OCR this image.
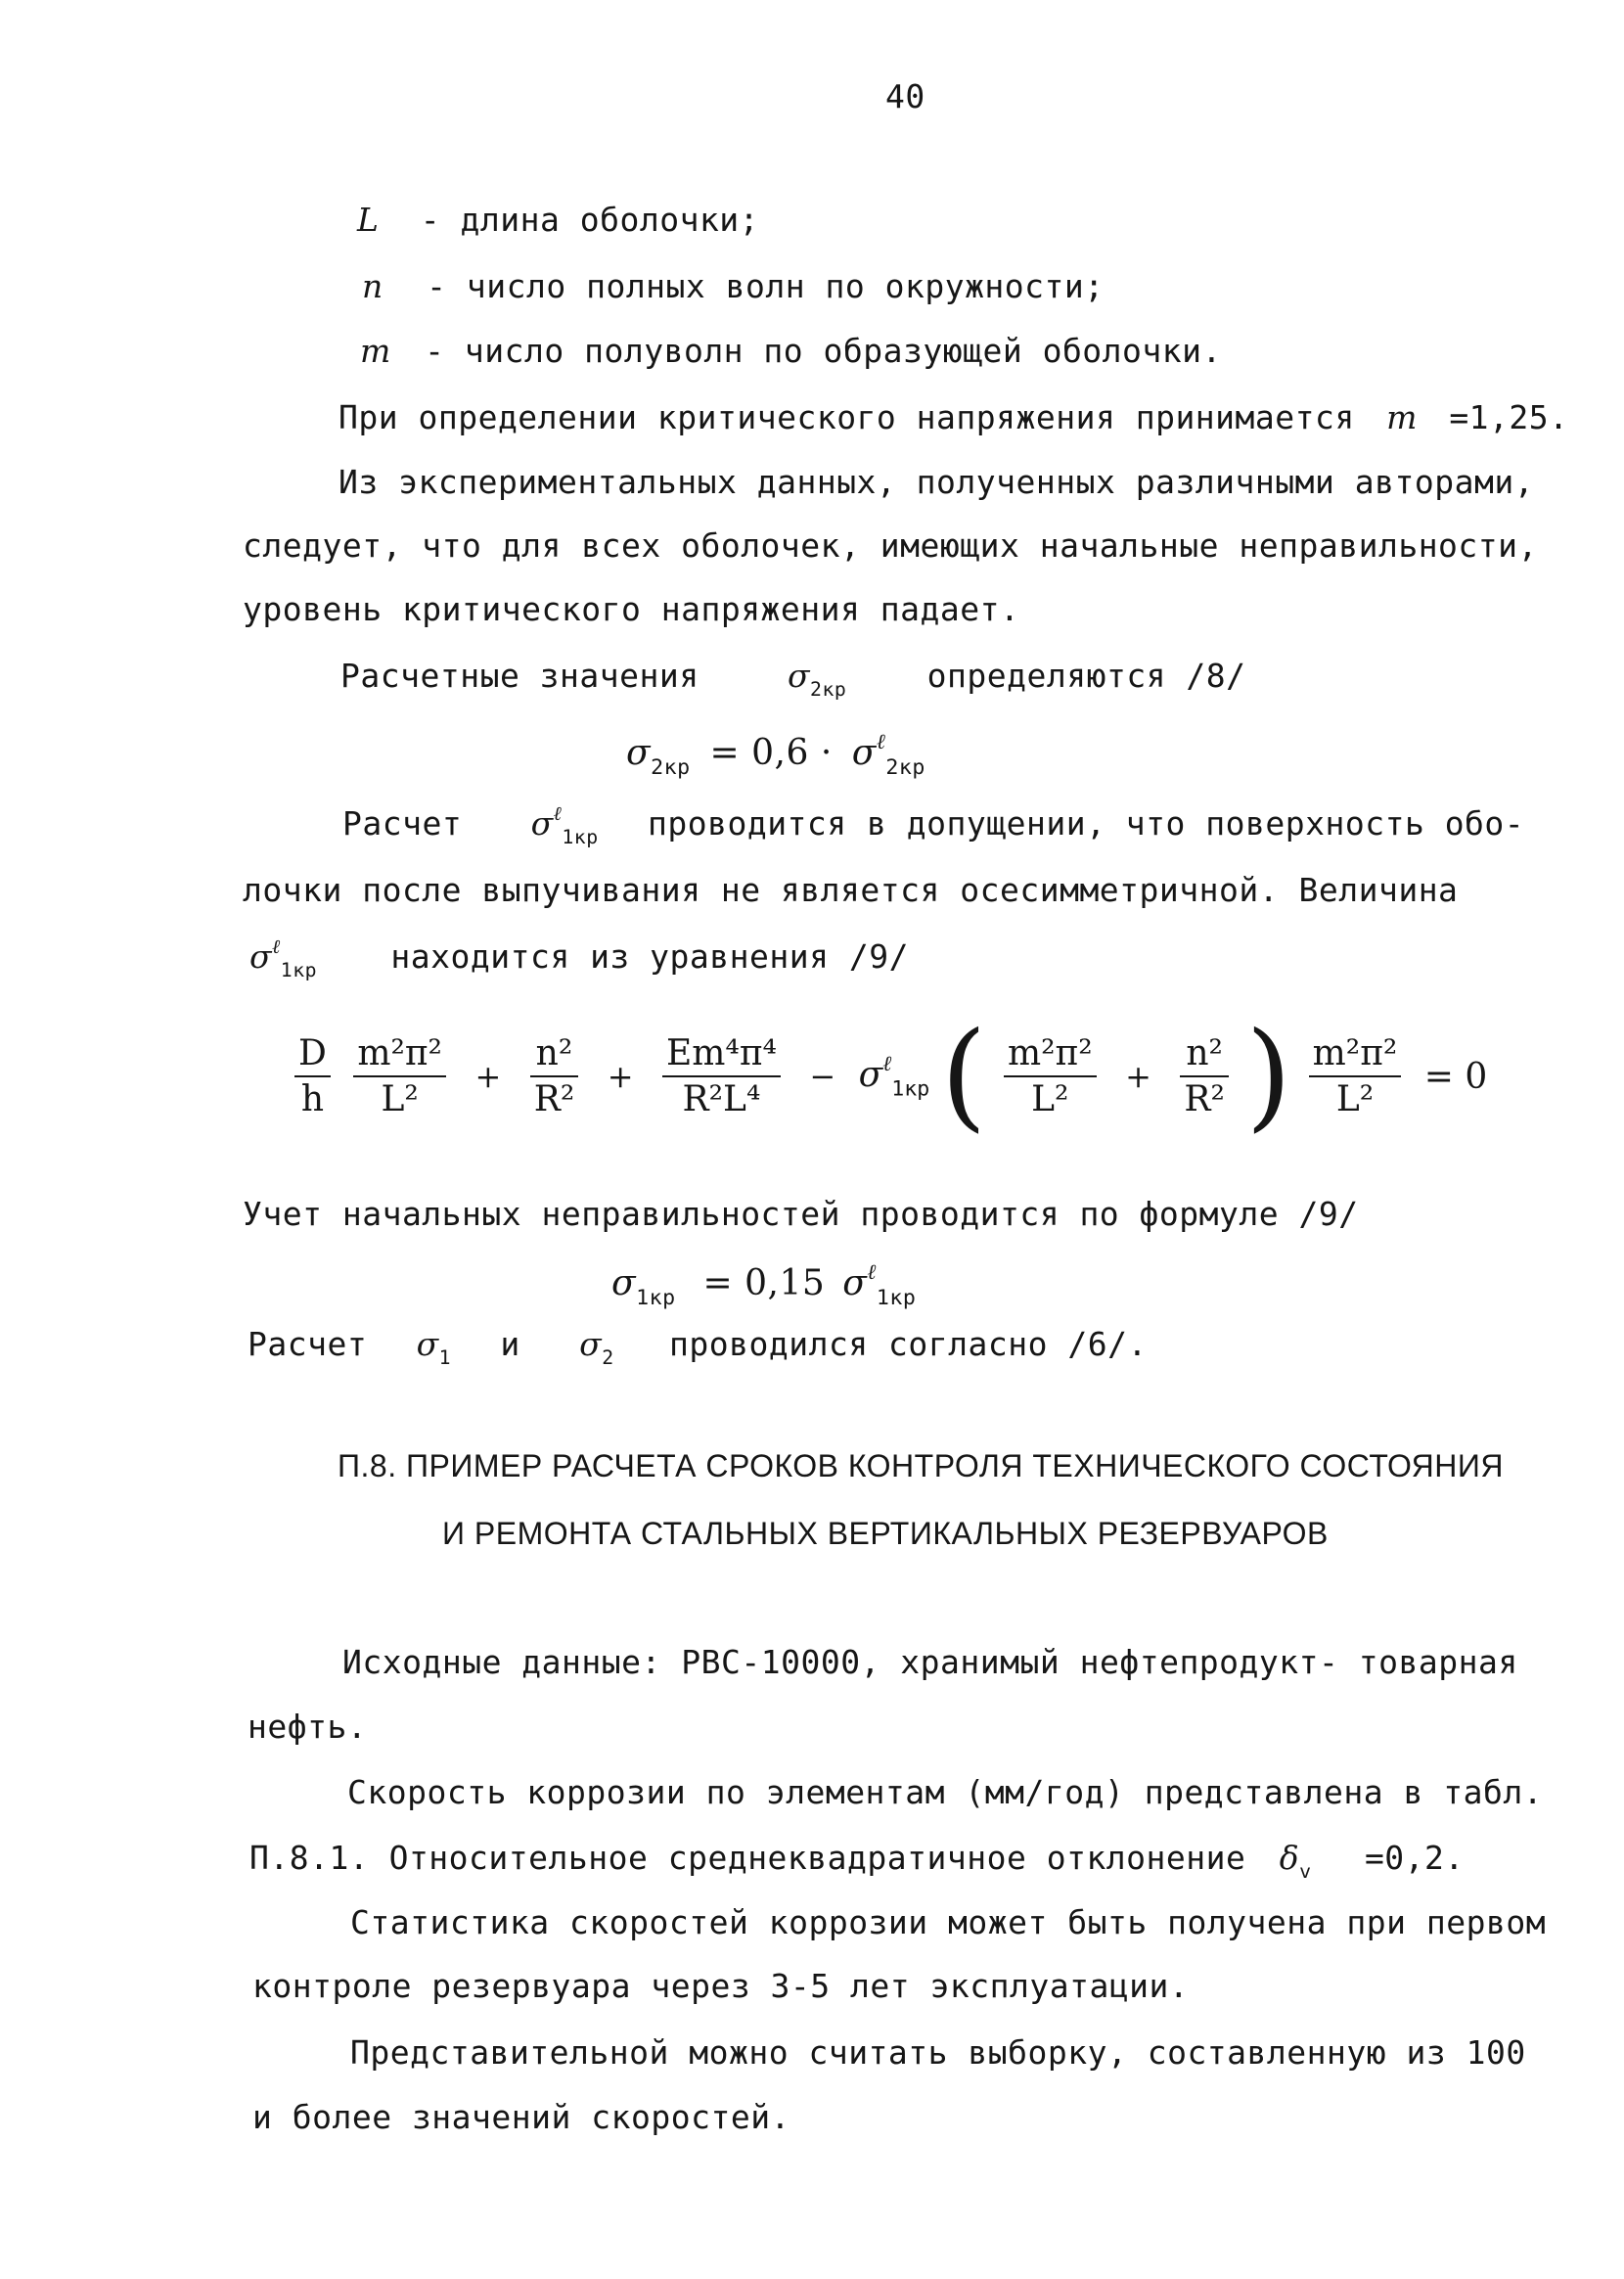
40
L - длина оболочки;
n - число полных волн по окружности;
m - число полуволн по образующей оболочки.
При определении критического напряжения принимается m =1,25.
Из экспериментальных данных, полученных различными авторами,
следует, что для всех оболочек, имеющих начальные неправильности,
уровень критического напряжения падает.
Расчетные значения	$\sigma_{2кр}$ определяются /8/
$\sigma_{2кр} = 0,6 \cdot \sigma^\ell_{2кр}$
Расчет $\sigma^\ell_{1кр}$ проводится в допущении, что поверхность обо-
лочки после выпучивания не является осесимметричной. Величина
$\sigma^\ell_{1кр}$ находится из уравнения /9/
$\frac{D}{h}$
$\frac{\text{m²π²}}{\text{L²}} + \frac{\text{n²}}{\text{R²}} + \frac{\text{Em⁴π⁴}}{\text{R²L⁴}} - \sigma^\ell_{1кр}$ ( $\frac{\text{m²π²}}{\text{L²}} + \frac{\text{n²}}{\text{R²}}$ ) $\frac{\text{m²π²}}{\text{L²}} = 0$
Учет начальных неправильностей проводится по формуле /9/
$\sigma_{1кр} = 0,15$ $\sigma^\ell_{1кр}$
Расчет $\sigma_1$ и $\sigma_2$ проводился согласно /6/.
П.8. ПРИМЕР РАСЧЕТА СРОКОВ КОНТРОЛЯ ТЕХНИЧЕСКОГО СОСТОЯНИЯ
И РЕМОНТА СТАЛЬНЫХ ВЕРТИКАЛЬНЫХ РЕЗЕРВУАРОВ
Исходные данные: РВС-10000, хранимый нефтепродукт- товарная
нефть.
Скорость коррозии по элементам (мм/год) представлена в табл.
П.8.1. Относительное среднеквадратичное отклонение $\delta_v =0,2$.
Статистика скоростей коррозии может быть получена при первом
контроле резервуара через 3-5 лет эксплуатации.
Представительной можно считать выборку, составленную из 100
и более значений скоростей.
